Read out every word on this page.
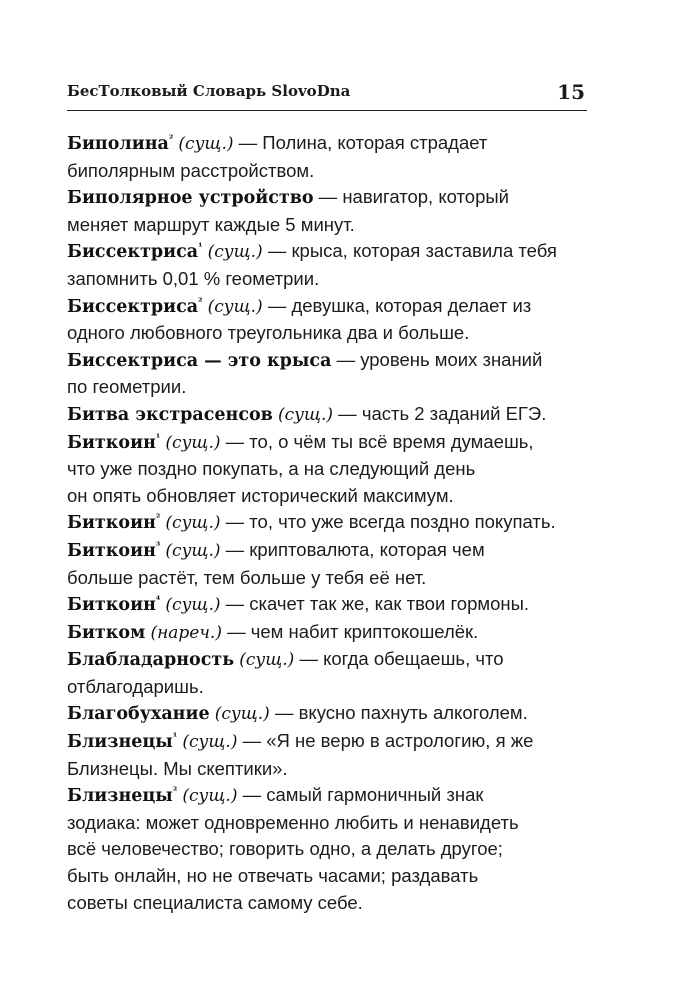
БесТолковый Словарь SlovoDna	15
Биполина$^{^2}$ (сущ.) — Полина, которая страдает
биполярным расстройством.
Биполярное устройство — навигатор, который
меняет маршрут каждые 5 минут.
Биссектриса$^{^1}$ (сущ.) — крыса, которая заставила тебя
запомнить 0,01 % геометрии.
Биссектриса$^{^2}$ (сущ.) — девушка, которая делает из
одного любовного треугольника два и больше.
Биссектриса — это крыса — уровень моих знаний
по геометрии.
Битва экстрасенсов (сущ.) — часть 2 заданий ЕГЭ.
Биткоин$^{^1}$ (сущ.) — то, о чём ты всё время думаешь,
что уже поздно покупать, а на следующий день
он опять обновляет исторический максимум.
Биткоин$^{^2}$ (сущ.) — то, что уже всегда поздно покупать.
Биткоин$^{^3}$ (сущ.) — криптовалюта, которая чем
больше растёт, тем больше у тебя её нет.
Биткоин$^{^4}$ (сущ.) — скачет так же, как твои гормоны.
Битком (нареч.) — чем набит криптокошелёк.
Блабладарность (сущ.) — когда обещаешь, что
отблагодаришь.
Благобухание (сущ.) — вкусно пахнуть алкоголем.
Близнецы$^{^1}$ (сущ.) — «Я не верю в астрологию, я же
Близнецы. Мы скептики».
Близнецы$^{^2}$ (сущ.) — самый гармоничный знак
зодиака: может одновременно любить и ненавидеть
всё человечество; говорить одно, а делать другое;
быть онлайн, но не отвечать часами; раздавать
советы специалиста самому себе.
